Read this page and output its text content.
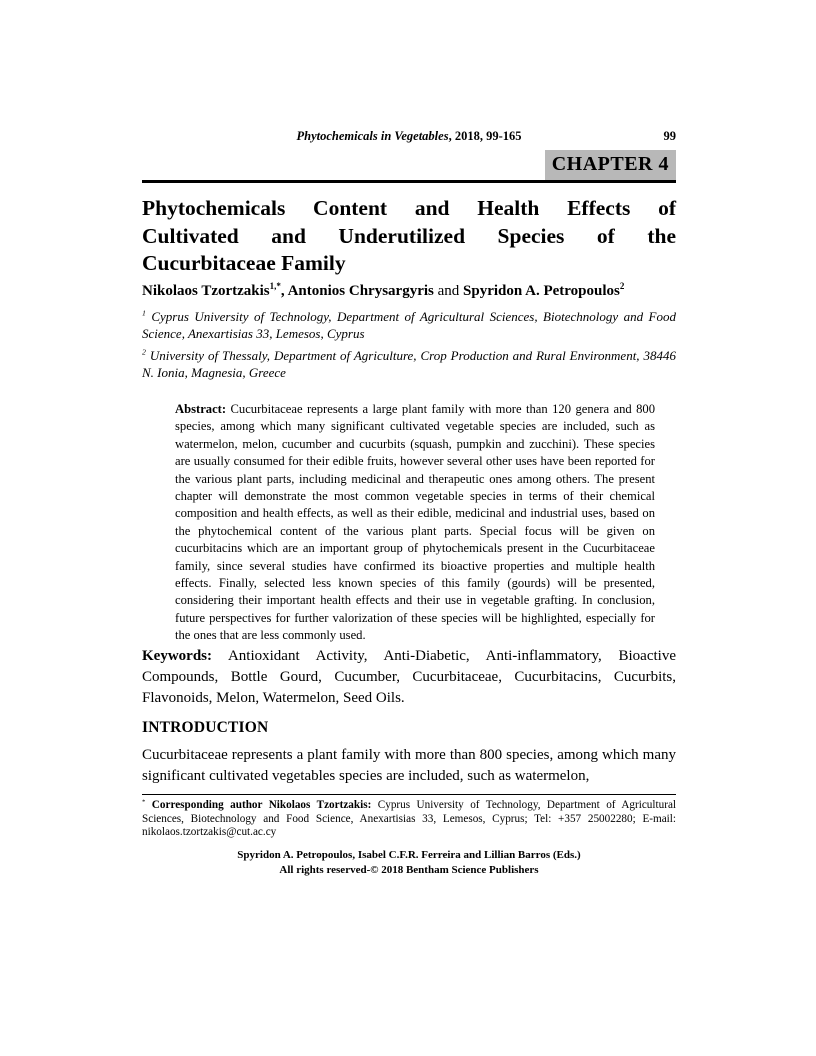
Phytochemicals in Vegetables, 2018, 99-165	99
CHAPTER 4
Phytochemicals Content and Health Effects of
Cultivated and Underutilized Species of the
Cucurbitaceae Family
Nikolaos Tzortzakis$^{1,*}$, Antonios Chrysargyris and Spyridon A. Petropoulos$^2$
$^1$ Cyprus University of Technology, Department of Agricultural Sciences, Biotechnology and Food Science, Anexartisias 33, Lemesos, Cyprus
$^2$ University of Thessaly, Department of Agriculture, Crop Production and Rural Environment, 38446 N. Ionia, Magnesia, Greece
Abstract: Cucurbitaceae represents a large plant family with more than 120 genera and 800 species, among which many significant cultivated vegetable species are included, such as watermelon, melon, cucumber and cucurbits (squash, pumpkin and zucchini). These species are usually consumed for their edible fruits, however several other uses have been reported for the various plant parts, including medicinal and therapeutic ones among others. The present chapter will demonstrate the most common vegetable species in terms of their chemical composition and health effects, as well as their edible, medicinal and industrial uses, based on the phytochemical content of the various plant parts. Special focus will be given on cucurbitacins which are an important group of phytochemicals present in the Cucurbitaceae family, since several studies have confirmed its bioactive properties and multiple health effects. Finally, selected less known species of this family (gourds) will be presented, considering their important health effects and their use in vegetable grafting. In conclusion, future perspectives for further valorization of these species will be highlighted, especially for the ones that are less commonly used.
Keywords: Antioxidant Activity, Anti-Diabetic, Anti-inflammatory, Bioactive Compounds, Bottle Gourd, Cucumber, Cucurbitaceae, Cucurbitacins, Cucurbits, Flavonoids, Melon, Watermelon, Seed Oils.
INTRODUCTION
Cucurbitaceae represents a plant family with more than 800 species, among which many significant cultivated vegetables species are included, such as watermelon,
* Corresponding author Nikolaos Tzortzakis: Cyprus University of Technology, Department of Agricultural Sciences, Biotechnology and Food Science, Anexartisias 33, Lemesos, Cyprus; Tel: +357 25002280; E-mail: nikolaos.tzortzakis@cut.ac.cy
Spyridon A. Petropoulos, Isabel C.F.R. Ferreira and Lillian Barros (Eds.)
All rights reserved-© 2018 Bentham Science Publishers
